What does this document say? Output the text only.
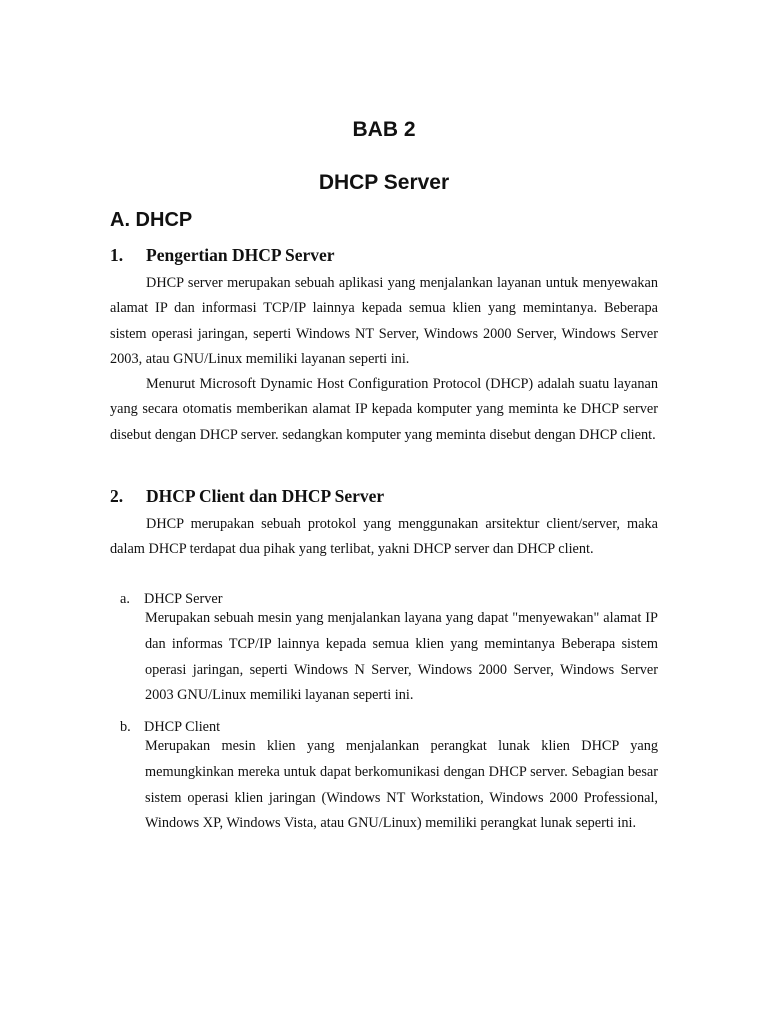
BAB 2
DHCP Server
A. DHCP
1. Pengertian DHCP Server

DHCP server merupakan sebuah aplikasi yang menjalankan layanan untuk menyewakan alamat IP dan informasi TCP/IP lainnya kepada semua klien yang memintanya. Beberapa sistem operasi jaringan, seperti Windows NT Server, Windows 2000 Server, Windows Server 2003, atau GNU/Linux memiliki layanan seperti ini.

Menurut Microsoft Dynamic Host Configuration Protocol (DHCP) adalah suatu layanan yang secara otomatis memberikan alamat IP kepada komputer yang meminta ke DHCP server disebut dengan DHCP server. sedangkan komputer yang meminta disebut dengan DHCP client.

2. DHCP Client dan DHCP Server

DHCP merupakan sebuah protokol yang menggunakan arsitektur client/server, maka dalam DHCP terdapat dua pihak yang terlibat, yakni DHCP server dan DHCP client.

a. DHCP Server

Merupakan sebuah mesin yang menjalankan layana yang dapat "menyewakan" alamat IP dan informas TCP/IP lainnya kepada semua klien yang memintanya Beberapa sistem operasi jaringan, seperti Windows N Server, Windows 2000 Server, Windows Server 2003 GNU/Linux memiliki layanan seperti ini.

b. DHCP Client

Merupakan mesin klien yang menjalankan perangkat lunak klien DHCP yang memungkinkan mereka untuk dapat berkomunikasi dengan DHCP server. Sebagian besar sistem operasi klien jaringan (Windows NT Workstation, Windows 2000 Professional, Windows XP, Windows Vista, atau GNU/Linux) memiliki perangkat lunak seperti ini.
